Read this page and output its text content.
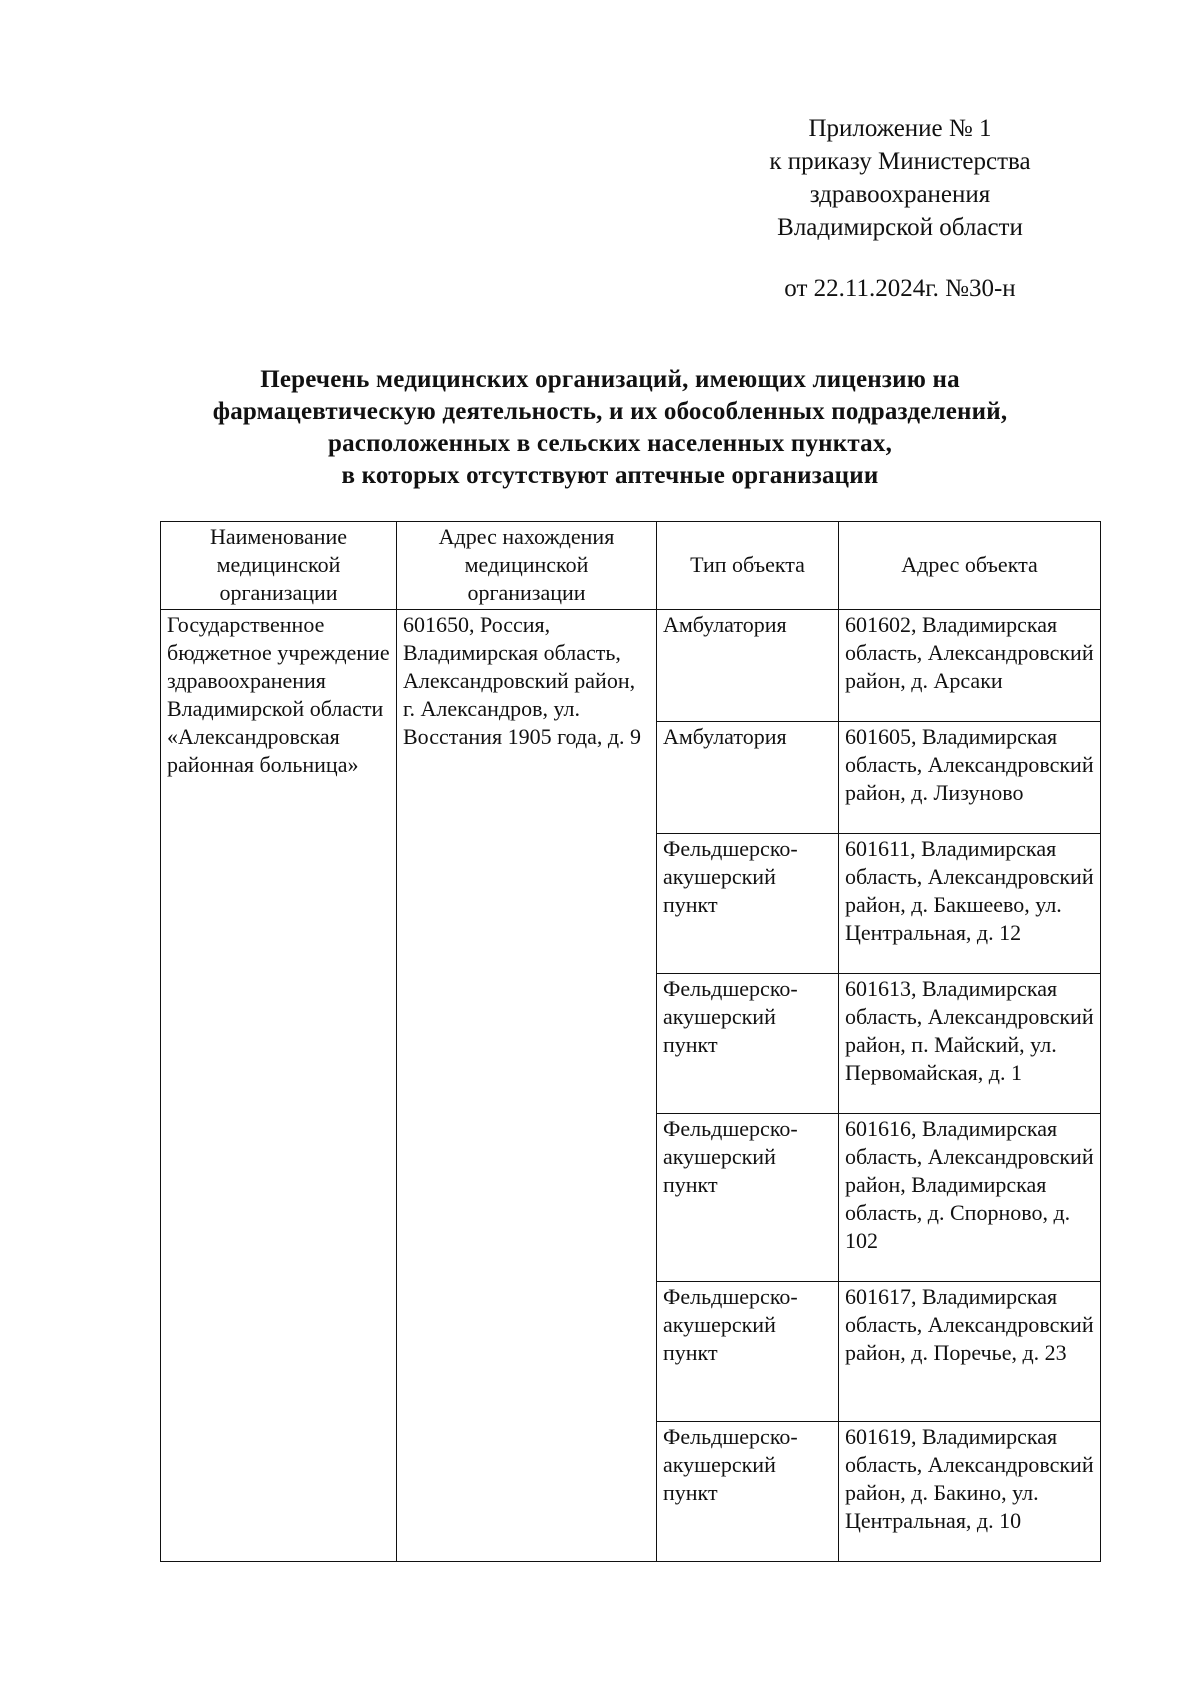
Приложение № 1
к приказу Министерства
здравоохранения
Владимирской области
от 22.11.2024г. №30-н
Перечень медицинских организаций, имеющих лицензию на
фармацевтическую деятельность, и их обособленных подразделений,
расположенных в сельских населенных пунктах,
в которых отсутствуют аптечные организации
Наименование медицинской организации	Адрес нахождения медицинской организации	Тип объекта	Адрес объекта
Государственное бюджетное учреждение здравоохранения Владимирской области «Александровская районная больница»	601650, Россия, Владимирская область, Александровский район, г. Александров, ул. Восстания 1905 года, д. 9	Амбулатория	601602, Владимирская область, Александровский район, д. Арсаки
		Амбулатория	601605, Владимирская область, Александровский район, д. Лизуново
		Фельдшерско-акушерский пункт	601611, Владимирская область, Александровский район, д. Бакшеево, ул. Центральная, д. 12
		Фельдшерско-акушерский пункт	601613, Владимирская область, Александровский район, п. Майский, ул. Первомайская, д. 1
		Фельдшерско-акушерский пункт	601616, Владимирская область, Александровский район, Владимирская область, д. Спорново, д. 102
		Фельдшерско-акушерский пункт	601617, Владимирская область, Александровский район, д. Поречье, д. 23
		Фельдшерско-акушерский пункт	601619, Владимирская область, Александровский район, д. Бакино, ул. Центральная, д. 10
